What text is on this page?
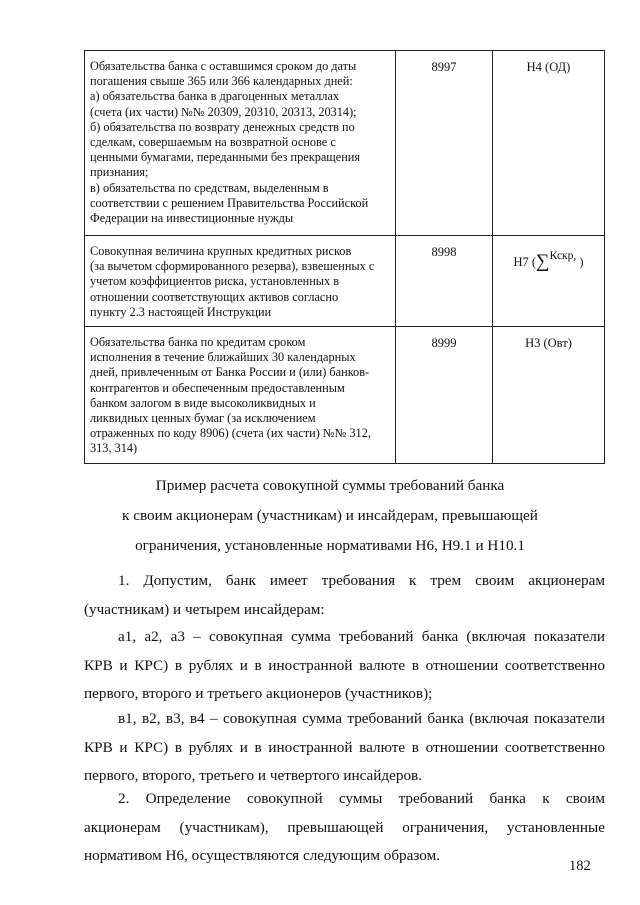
Обязательства банка с оставшимся сроком до даты
погашения свыше 365 или 366 календарных дней:
а) обязательства банка в драгоценных металлах
(счета (их части) №№ 20309, 20310, 20313, 20314);
б) обязательства по возврату денежных средств по
сделкам, совершаемым на возвратной основе с
ценными бумагами, переданными без прекращения
признания;
в) обязательства по средствам, выделенным в
соответствии с решением Правительства Российской
Федерации на инвестиционные нужды
8997	Н4 (ОД)
Совокупная величина крупных кредитных рисков
(за вычетом сформированного резерва), взвешенных с
учетом коэффициентов риска, установленных в
отношении соответствующих активов согласно
пункту 2.3 настоящей Инструкции
8998
Н7 (∑Кскр, )
Обязательства банка по кредитам сроком
исполнения в течение ближайших 30 календарных
дней, привлеченным от Банка России и (или) банков-
контрагентов и обеспеченным предоставленным
банком залогом в виде высоколиквидных и
ликвидных ценных бумаг (за исключением
отраженных по коду 8906) (счета (их части) №№ 312,
313, 314)
8999	Н3 (Овт)
Пример расчета совокупной суммы требований банка
к своим акционерам (участникам) и инсайдерам, превышающей
ограничения, установленные нормативами Н6, Н9.1 и Н10.1
1. Допустим, банк имеет требования к трем своим акционерам
(участникам) и четырем инсайдерам:
а1, а2, а3 – совокупная сумма требований банка (включая показатели
КРВ и КРС) в рублях и в иностранной валюте в отношении соответственно
первого, второго и третьего акционеров (участников);
в1, в2, в3, в4 – совокупная сумма требований банка (включая показатели
КРВ и КРС) в рублях и в иностранной валюте в отношении соответственно
первого, второго, третьего и четвертого инсайдеров.
2. Определение совокупной суммы требований банка к своим
акционерам (участникам), превышающей ограничения, установленные
нормативом Н6, осуществляются следующим образом.
182
